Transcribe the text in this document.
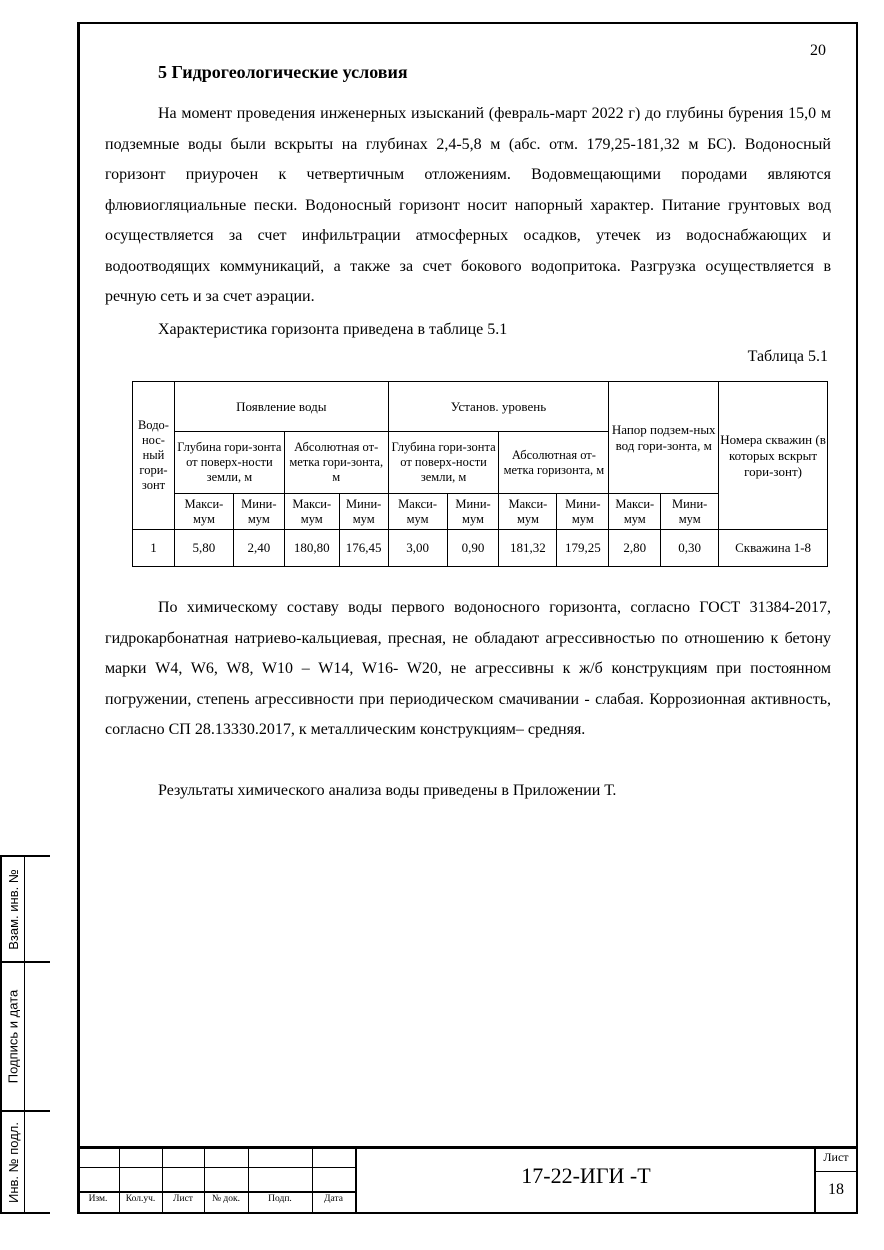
20
5 Гидрогеологические условия
На момент проведения инженерных изысканий (февраль-март 2022 г) до глубины бурения 15,0 м подземные воды были вскрыты на глубинах 2,4-5,8 м (абс. отм. 179,25-181,32 м БС). Водоносный горизонт приурочен к четвертичным отложениям. Водовмещающими породами являются флювиогляциальные пески. Водоносный горизонт носит напорный характер. Питание грунтовых вод осуществляется за счет инфильтрации атмосферных осадков, утечек из водоснабжающих и водоотводящих коммуникаций, а также за счет бокового водопритока. Разгрузка осуществляется в речную сеть и за счет аэрации.
Характеристика горизонта приведена в таблице 5.1
Таблица 5.1
Водо-нос-ный гори-зонт	Появление воды				Установ. уровень				Напор подзем-ных вод гори-зонта, м		Номера скважин (в которых вскрыт гори-зонт)
	Глубина гори-зонта от поверх-ности земли, м		Абсолютная от-метка гори-зонта, м		Глубина гори-зонта от поверх-ности земли, м		Абсолютная от-метка горизонта, м				
	Макси-мум	Мини-мум	Макси-мум	Мини-мум	Макси-мум	Мини-мум	Макси-мум	Мини-мум	Макси-мум	Мини-мум	
1	5,80	2,40	180,80	176,45	3,00	0,90	181,32	179,25	2,80	0,30	Скважина 1-8
По химическому составу воды первого водоносного горизонта, согласно ГОСТ 31384-2017, гидрокарбонатная натриево-кальциевая, пресная, не обладают агрессивностью по отношению к бетону марки W4, W6, W8, W10 – W14, W16- W20, не агрессивны к ж/б конструкциям при постоянном погружении, степень агрессивности при периодическом смачивании - слабая. Коррозионная активность, согласно СП 28.13330.2017, к металлическим конструкциям– средняя.
Результаты химического анализа воды приведены в Приложении Т.
Взам. инв. №
Подпись и дата
Инв. № подл.	Изм.	Кол.уч.	Лист	№ док.	Подп.	Дата
17-22-ИГИ -Т
Лист
18
